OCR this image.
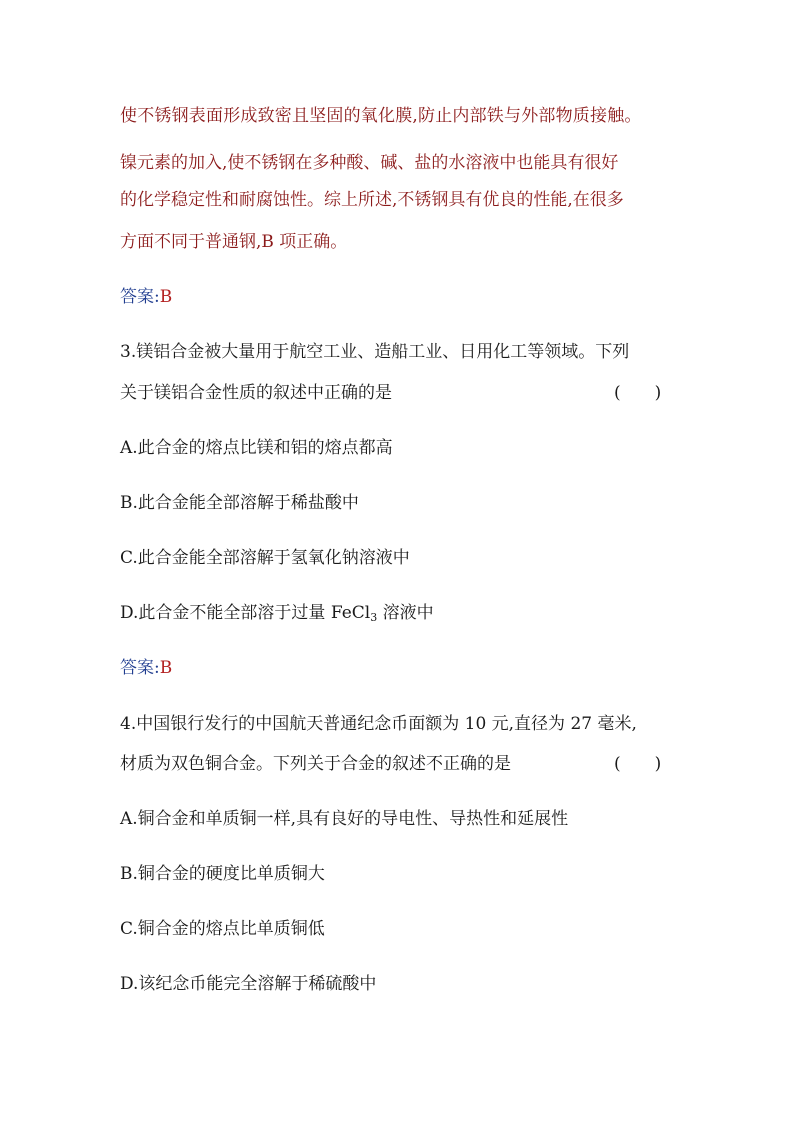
使不锈钢表面形成致密且坚固的氧化膜,防止内部铁与外部物质接触。
镍元素的加入,使不锈钢在多种酸、碱、盐的水溶液中也能具有很好
的化学稳定性和耐腐蚀性。综上所述,不锈钢具有优良的性能,在很多
方面不同于普通钢,B 项正确。
答案:B
3.镁铝合金被大量用于航空工业、造船工业、日用化工等领域。下列
关于镁铝合金性质的叙述中正确的是	(　　)
A.此合金的熔点比镁和铝的熔点都高
B.此合金能全部溶解于稀盐酸中
C.此合金能全部溶解于氢氧化钠溶液中
D.此合金不能全部溶于过量 FeCl$_3$ 溶液中
答案:B
4.中国银行发行的中国航天普通纪念币面额为 10 元,直径为 27 毫米,
材质为双色铜合金。下列关于合金的叙述不正确的是	(　　)
A.铜合金和单质铜一样,具有良好的导电性、导热性和延展性
B.铜合金的硬度比单质铜大
C.铜合金的熔点比单质铜低
D.该纪念币能完全溶解于稀硫酸中
